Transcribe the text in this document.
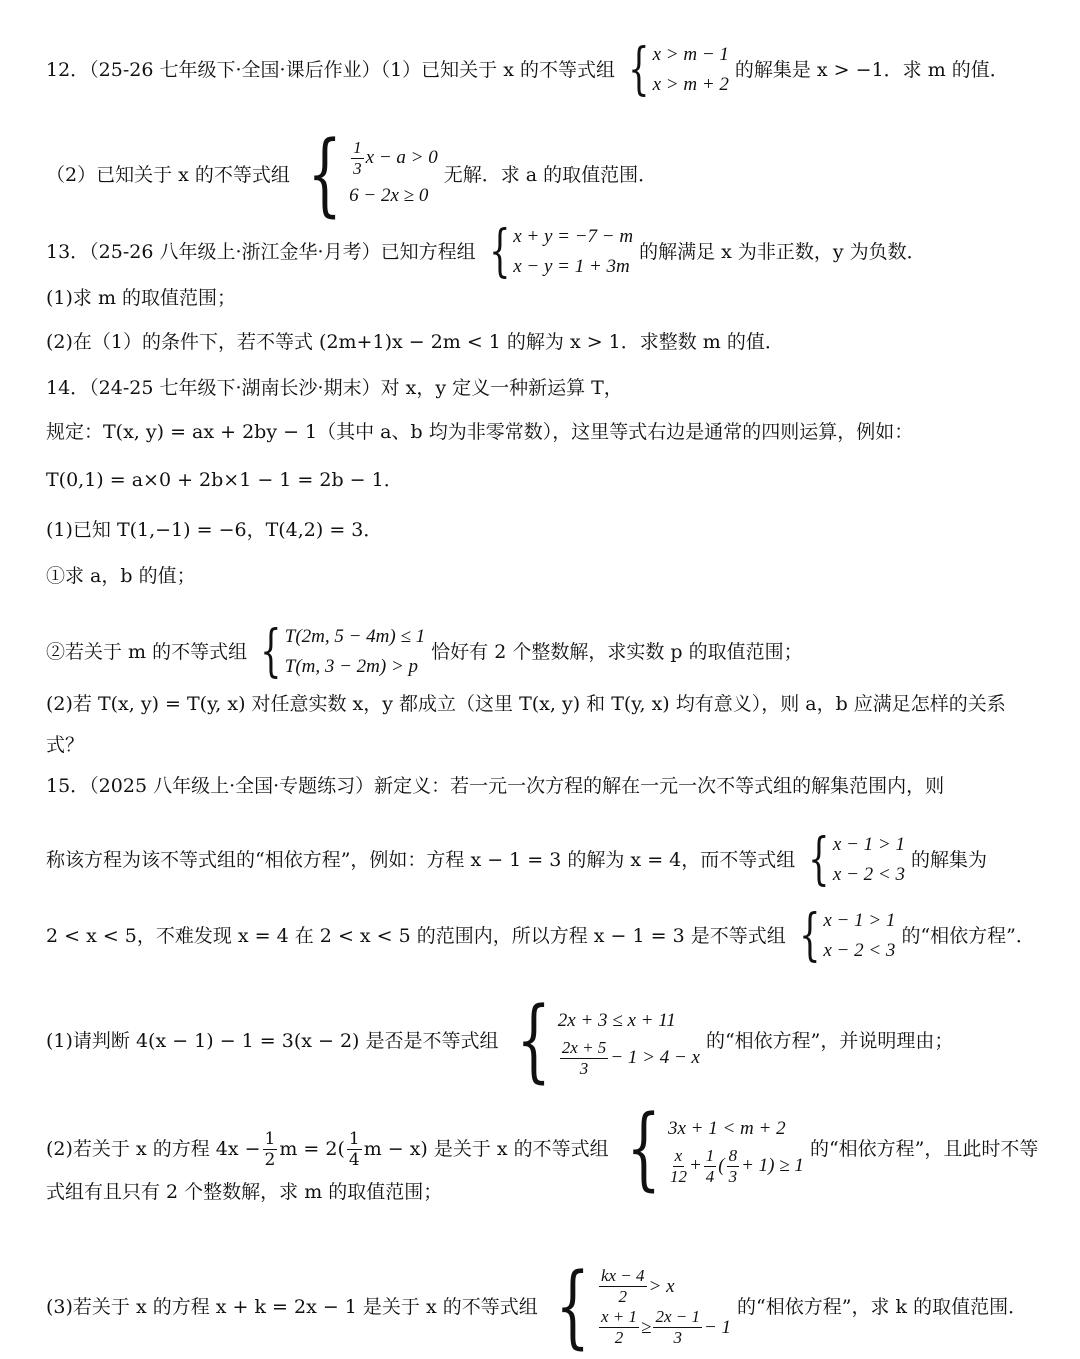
12．（25-26 七年级下·全国·课后作业）（1）已知关于 x 的不等式组 { x > m − 1
x > m + 2
的解集是 x > −1．求 m 的值．
（2）已知关于 x 的不等式组 { $\frac{1}{3}$ x − a > 0
6 − 2x ≥ 0
无解．求 a 的取值范围．
13．（25-26 八年级上·浙江金华·月考）已知方程组 { x + y = −7 − m
x − y = 1 + 3m
的解满足 x 为非正数，y 为负数．
(1)求 m 的取值范围；
(2)在（1）的条件下，若不等式 (2m+1)x − 2m < 1 的解为 x > 1．求整数 m 的值．
14．（24-25 七年级下·湖南长沙·期末）对 x，y 定义一种新运算 T，
规定：T(x, y) = ax + 2by − 1（其中 a、b 均为非零常数），这里等式右边是通常的四则运算，例如：
T(0,1) = a×0 + 2b×1 − 1 = 2b − 1．
(1)已知 T(1,−1) = −6，T(4,2) = 3．
①求 a，b 的值；
②若关于 m 的不等式组 { T(2m, 5 − 4m) ≤ 1
T(m, 3 − 2m) > p
恰好有 2 个整数解，求实数 p 的取值范围；
(2)若 T(x, y) = T(y, x) 对任意实数 x，y 都成立（这里 T(x, y) 和 T(y, x) 均有意义），则 a，b 应满足怎样的关系
式？
15．（2025 八年级上·全国·专题练习）新定义：若一元一次方程的解在一元一次不等式组的解集范围内，则
称该方程为该不等式组的“相依方程”，例如：方程 x − 1 = 3 的解为 x = 4，而不等式组 { x − 1 > 1
x − 2 < 3
的解集为
2 < x < 5，不难发现 x = 4 在 2 < x < 5 的范围内，所以方程 x − 1 = 3 是不等式组 { x − 1 > 1
x − 2 < 3
的“相依方程”．
(1)请判断 4(x − 1) − 1 = 3(x − 2) 是否是不等式组 { 2x + 3 ≤ x + 11
$\frac{2x + 5}{3} - 1 > 4 - x$
的“相依方程”，并说明理由；
(2)若关于 x 的方程 $4x - \frac{1}{2}$ $m = 2( \frac{1}{4}$ m − x) 是关于 x 的不等式组 { 3x + 1 < m + 2
$\frac{x}{12} + \frac{1}{4}$ ( $\frac{8}{3} + 1) \ge 1$
的“相依方程”，且此时不等
式组有且只有 2 个整数解，求 m 的取值范围；
(3)若关于 x 的方程 x + k = 2x − 1 是关于 x 的不等式组 { $\frac{kx - 4}{2} > x$
$\frac{x + 1}{2} \ge \frac{2x - 1}{3} - 1$
的“相依方程”，求 k 的取值范围．
